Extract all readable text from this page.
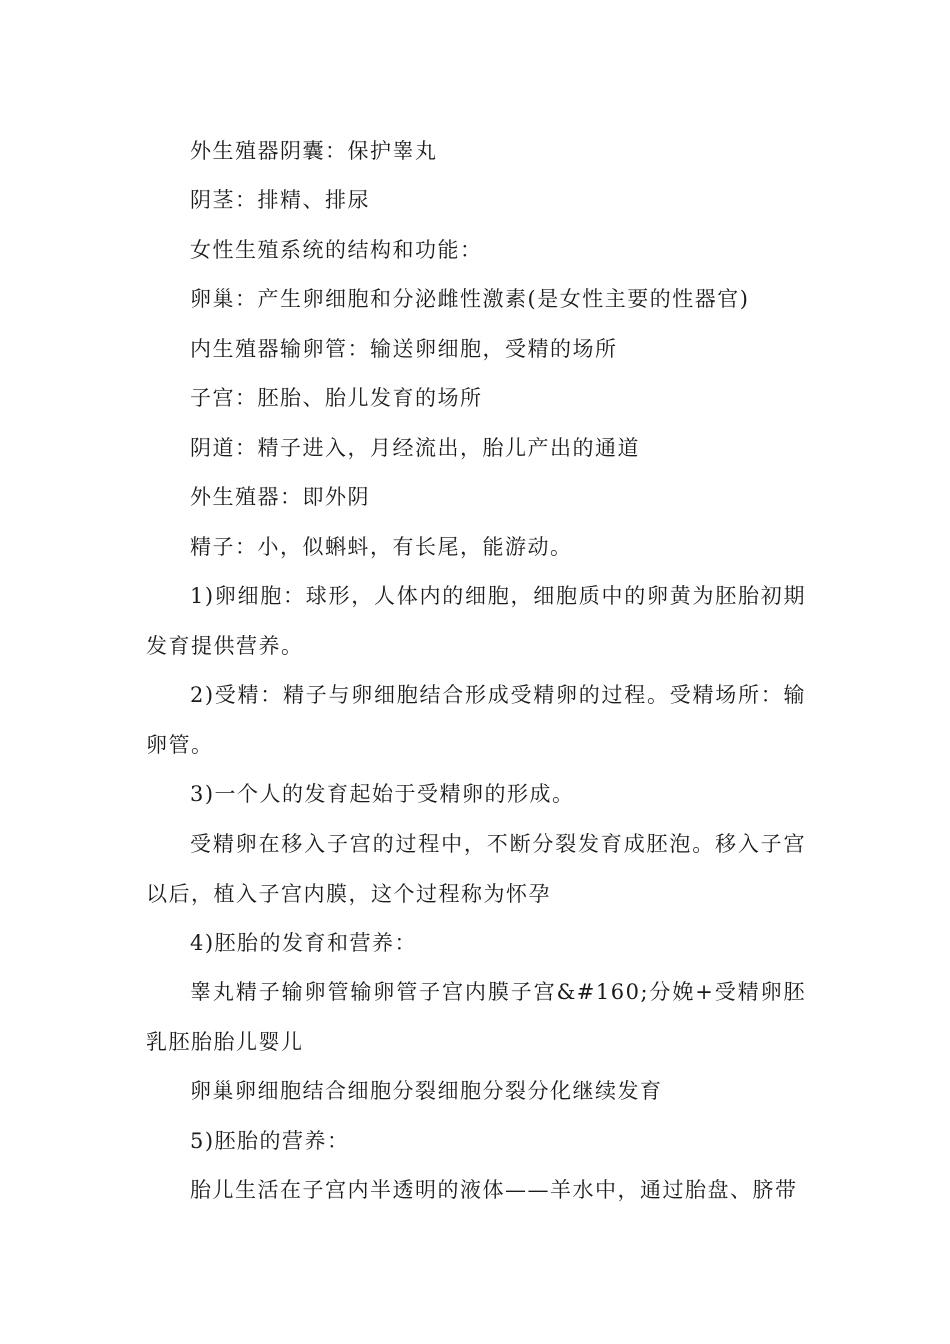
外生殖器阴囊：保护睾丸

阴茎：排精、排尿

女性生殖系统的结构和功能：

卵巢：产生卵细胞和分泌雌性激素(是女性主要的性器官)

内生殖器输卵管：输送卵细胞，受精的场所

子宫：胚胎、胎儿发育的场所

阴道：精子进入，月经流出，胎儿产出的通道

外生殖器：即外阴

精子：小，似蝌蚪，有长尾，能游动。

1)卵细胞：球形，人体内的细胞，细胞质中的卵黄为胚胎初期发育提供营养。

2)受精：精子与卵细胞结合形成受精卵的过程。受精场所：输卵管。

3)一个人的发育起始于受精卵的形成。

受精卵在移入子宫的过程中，不断分裂发育成胚泡。移入子宫以后，植入子宫内膜，这个过程称为怀孕

4)胚胎的发育和营养：

睾丸精子输卵管输卵管子宫内膜子宫&#160;分娩+受精卵胚乳胚胎胎儿婴儿

卵巢卵细胞结合细胞分裂细胞分裂分化继续发育

5)胚胎的营养：

胎儿生活在子宫内半透明的液体——羊水中，通过胎盘、脐带
